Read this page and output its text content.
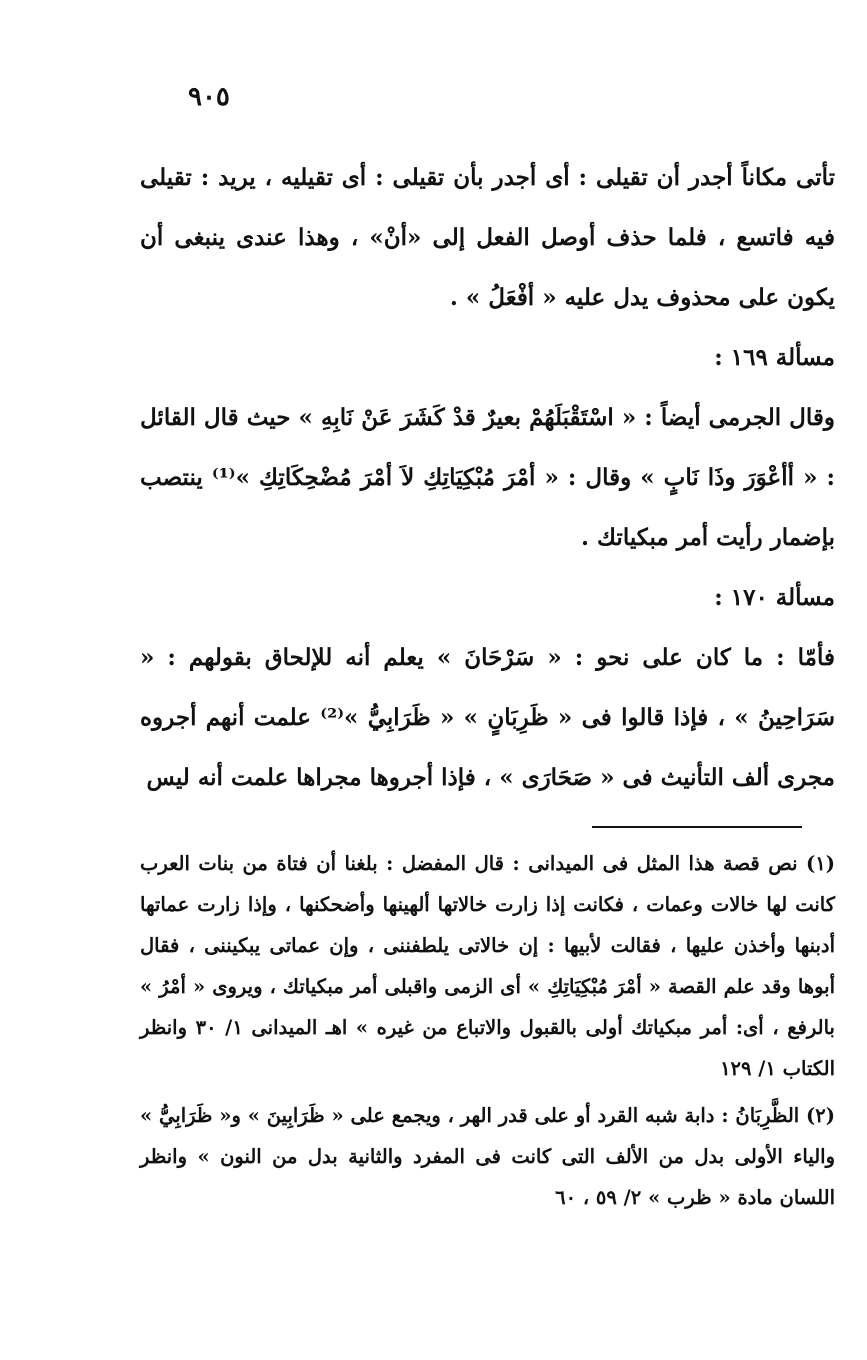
٩٠٥

تأتى مكاناً أجدر أن تقيلى : أى أجدر بأن تقيلى : أى تقيليه ، يريد : تقيلى فيه فاتسع ، فلما حذف أوصل الفعل إلى «أنْ» ، وهذا عندى ينبغى أن يكون على محذوف يدل عليه « أفْعَلُ » .

مسألة ١٦٩ :

وقال الجرمى أيضاً : « اسْتَقْبَلَهُمْ بعيرٌ قدْ كَشَرَ عَنْ نَابِهِ » حيث قال القائل : « أأعْوَرَ وذَا نَابٍ » وقال : « أمْرَ مُبْكِيَاتِكِ لاَ أمْرَ مُضْحِكَاتِكِ »⁽¹⁾ ينتصب بإضمار رأيت أمر مبكياتك .

مسألة ١٧٠ :

فأمّا : ما كان على نحو : « سَرْحَانَ » يعلم أنه للإلحاق بقولهم : « سَرَاحِينُ » ، فإذا قالوا فى « ظَرِبَانٍ » « ظَرَابِيُّ »⁽²⁾ علمت أنهم أجروه مجرى ألف التأنيث فى « صَحَارَى » ، فإذا أجروها مجراها علمت أنه ليس

(١) نص قصة هذا المثل فى الميدانى : قال المفضل : بلغنا أن فتاة من بنات العرب كانت لها خالات وعمات ، فكانت إذا زارت خالاتها ألهينها وأضحكنها ، وإذا زارت عماتها أدبنها وأخذن عليها ، فقالت لأبيها : إن خالاتى يلطفننى ، وإن عماتى يبكيننى ، فقال أبوها وقد علم القصة « أمْرَ مُبْكِيَاتِكِ » أى الزمى واقبلى أمر مبكياتك ، ويروى « أمْرُ » بالرفع ، أى: أمر مبكياتك أولى بالقبول والاتباع من غيره » اهـ الميدانى ١/ ٣٠ وانظر الكتاب ١/ ١٢٩

(٢) الظَّرِبَانُ : دابة شبه القرد أو على قدر الهر ، ويجمع على « ظَرَابِينَ » و« ظَرَابِيُّ » والياء الأولى بدل من الألف التى كانت فى المفرد والثانية بدل من النون » وانظر اللسان مادة « ظرب » ٢/ ٥٩ ، ٦٠
